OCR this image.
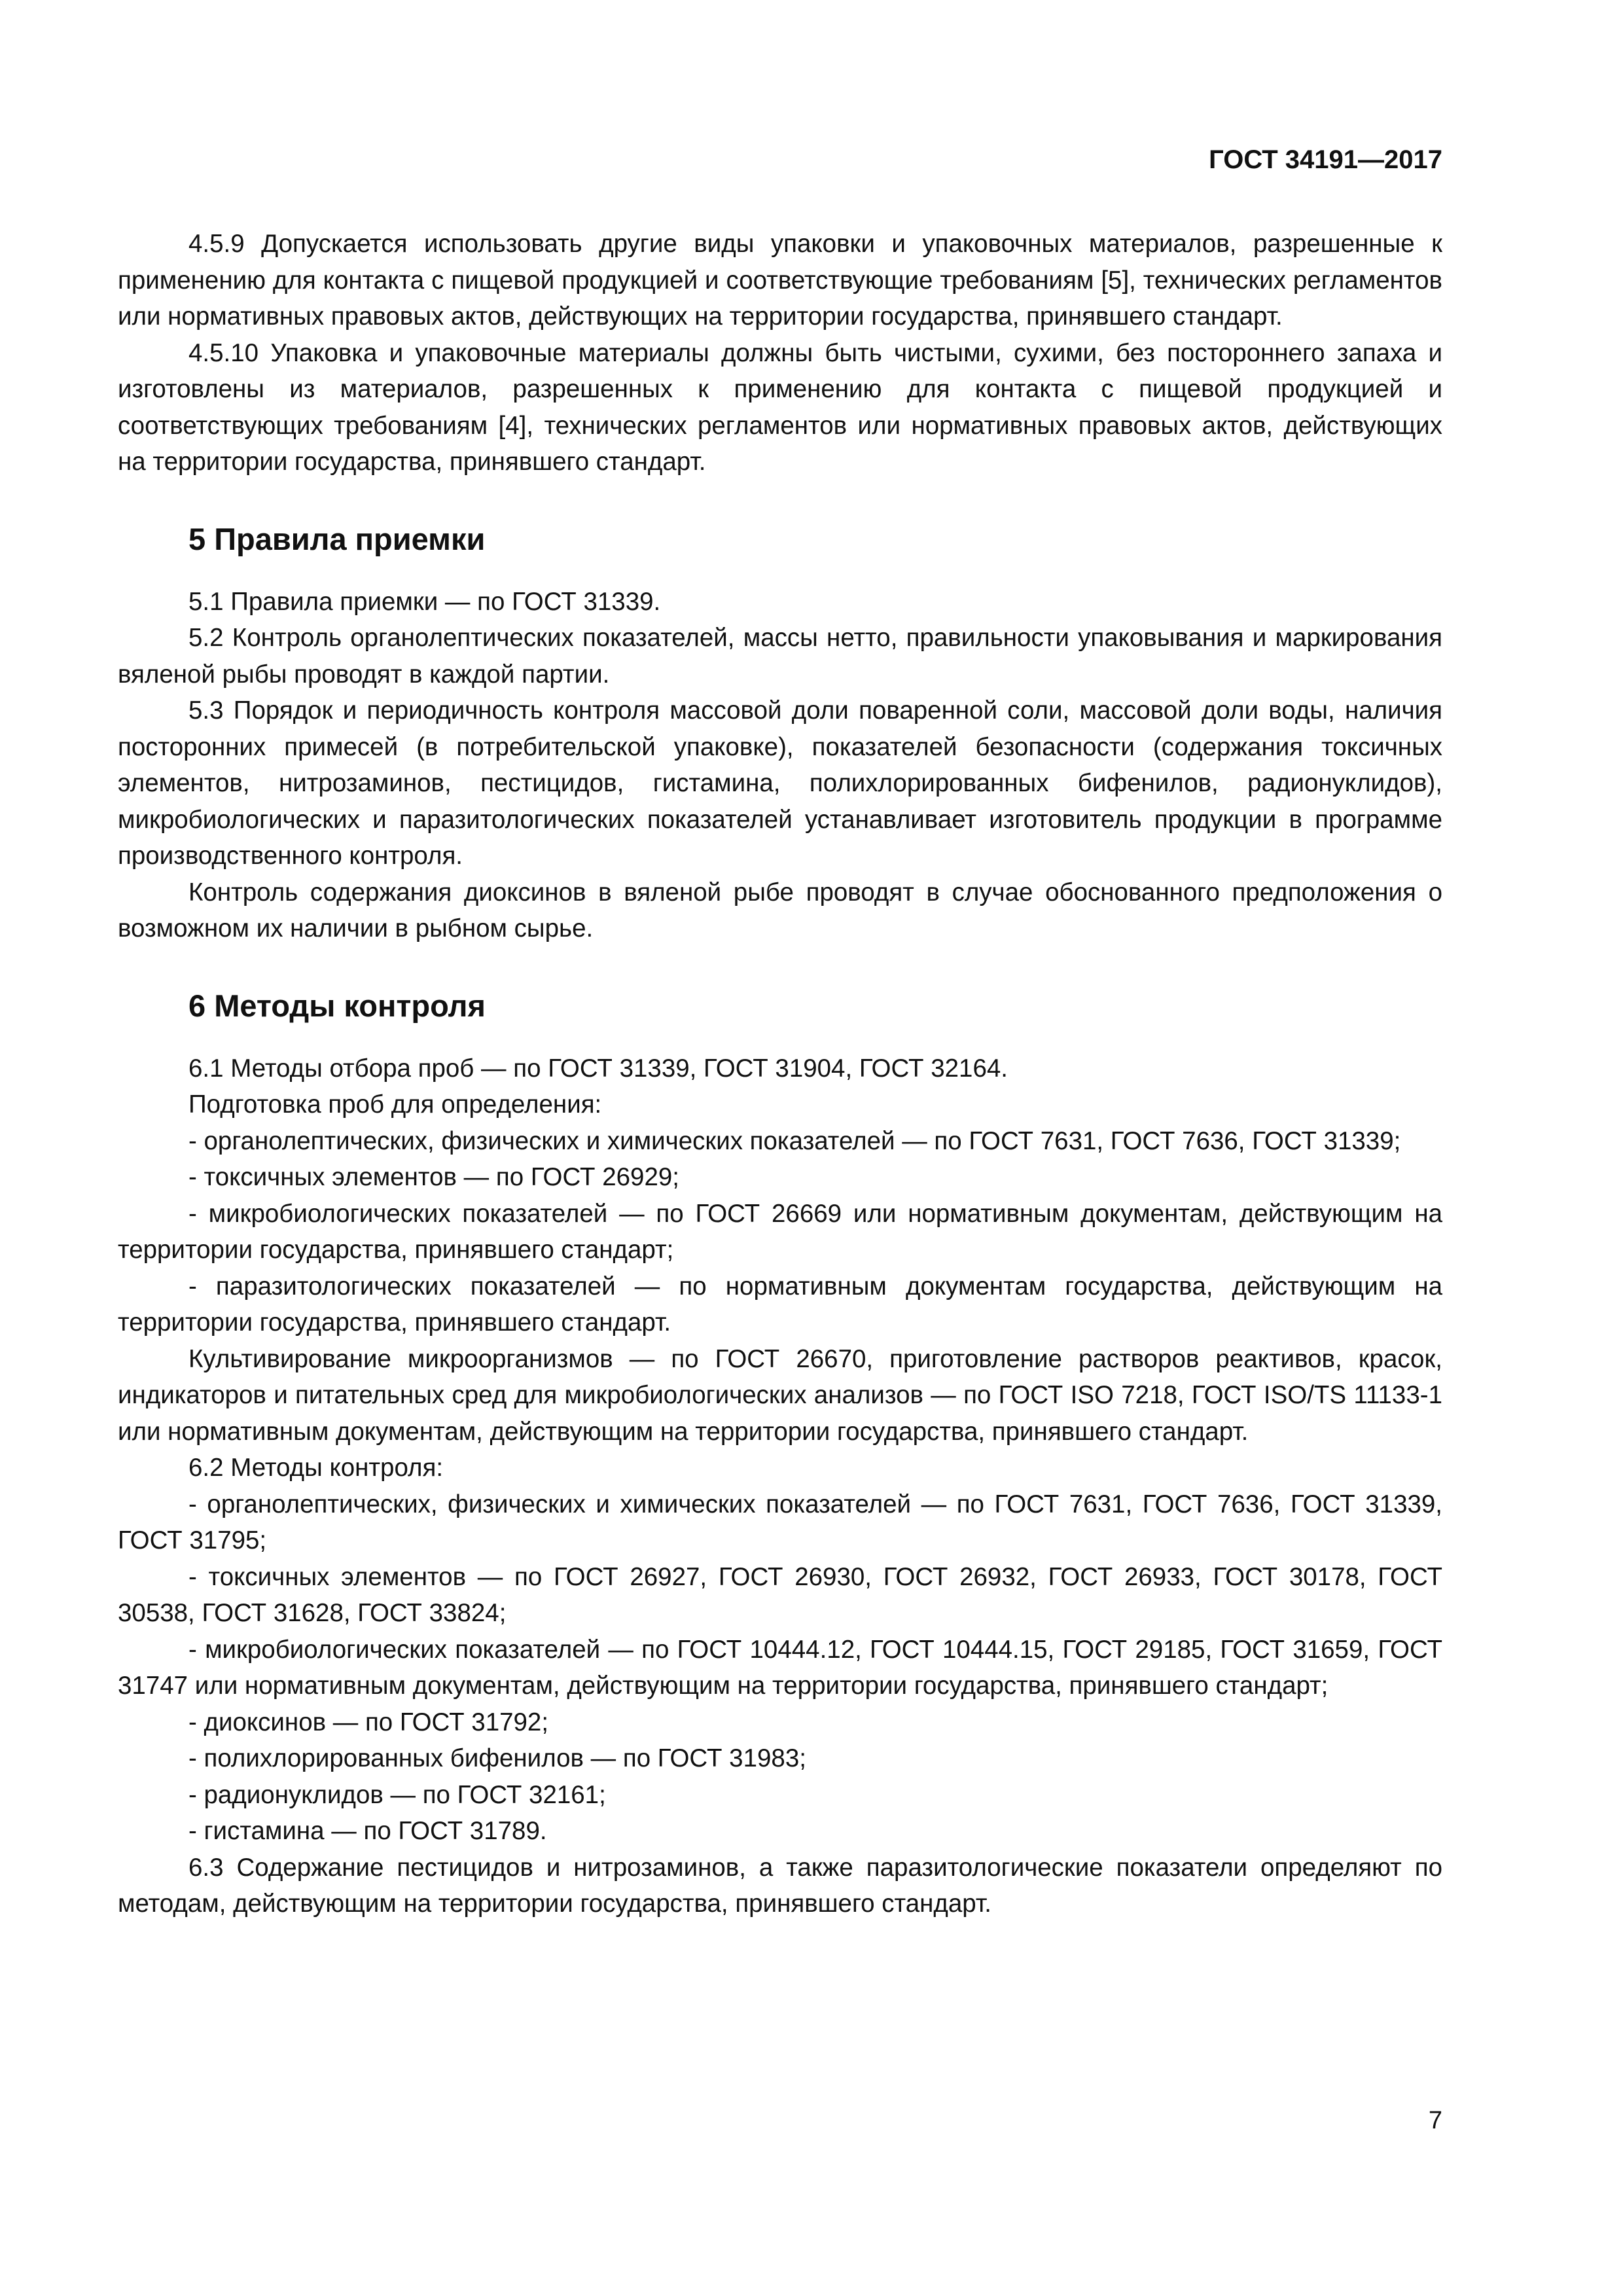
ГОСТ 34191—2017

4.5.9 Допускается использовать другие виды упаковки и упаковочных материалов, разрешенные к применению для контакта с пищевой продукцией и соответствующие требованиям [5], технических регламентов или нормативных правовых актов, действующих на территории государства, принявшего стандарт.

4.5.10 Упаковка и упаковочные материалы должны быть чистыми, сухими, без постороннего запаха и изготовлены из материалов, разрешенных к применению для контакта с пищевой продукцией и соответствующих требованиям [4], технических регламентов или нормативных правовых актов, действующих на территории государства, принявшего стандарт.

5 Правила приемки

5.1 Правила приемки — по ГОСТ 31339.

5.2 Контроль органолептических показателей, массы нетто, правильности упаковывания и маркирования вяленой рыбы проводят в каждой партии.

5.3 Порядок и периодичность контроля массовой доли поваренной соли, массовой доли воды, наличия посторонних примесей (в потребительской упаковке), показателей безопасности (содержания токсичных элементов, нитрозаминов, пестицидов, гистамина, полихлорированных бифенилов, радионуклидов), микробиологических и паразитологических показателей устанавливает изготовитель продукции в программе производственного контроля.

Контроль содержания диоксинов в вяленой рыбе проводят в случае обоснованного предположения о возможном их наличии в рыбном сырье.

6 Методы контроля

6.1 Методы отбора проб — по ГОСТ 31339, ГОСТ 31904, ГОСТ 32164.

Подготовка проб для определения:

- органолептических, физических и химических показателей — по ГОСТ 7631, ГОСТ 7636, ГОСТ 31339;

- токсичных элементов — по ГОСТ 26929;

- микробиологических показателей — по ГОСТ 26669 или нормативным документам, действующим на территории государства, принявшего стандарт;

- паразитологических показателей — по нормативным документам государства, действующим на территории государства, принявшего стандарт.

Культивирование микроорганизмов — по ГОСТ 26670, приготовление растворов реактивов, красок, индикаторов и питательных сред для микробиологических анализов — по ГОСТ ISO 7218, ГОСТ ISO/TS 11133-1 или нормативным документам, действующим на территории государства, принявшего стандарт.

6.2 Методы контроля:

- органолептических, физических и химических показателей — по ГОСТ 7631, ГОСТ 7636, ГОСТ 31339, ГОСТ 31795;

- токсичных элементов — по ГОСТ 26927, ГОСТ 26930, ГОСТ 26932, ГОСТ 26933, ГОСТ 30178, ГОСТ 30538, ГОСТ 31628, ГОСТ 33824;

- микробиологических показателей — по ГОСТ 10444.12, ГОСТ 10444.15, ГОСТ 29185, ГОСТ 31659, ГОСТ 31747 или нормативным документам, действующим на территории государства, принявшего стандарт;

- диоксинов — по ГОСТ 31792;

- полихлорированных бифенилов — по ГОСТ 31983;

- радионуклидов — по ГОСТ 32161;

- гистамина — по ГОСТ 31789.

6.3 Содержание пестицидов и нитрозаминов, а также паразитологические показатели определяют по методам, действующим на территории государства, принявшего стандарт.

7
